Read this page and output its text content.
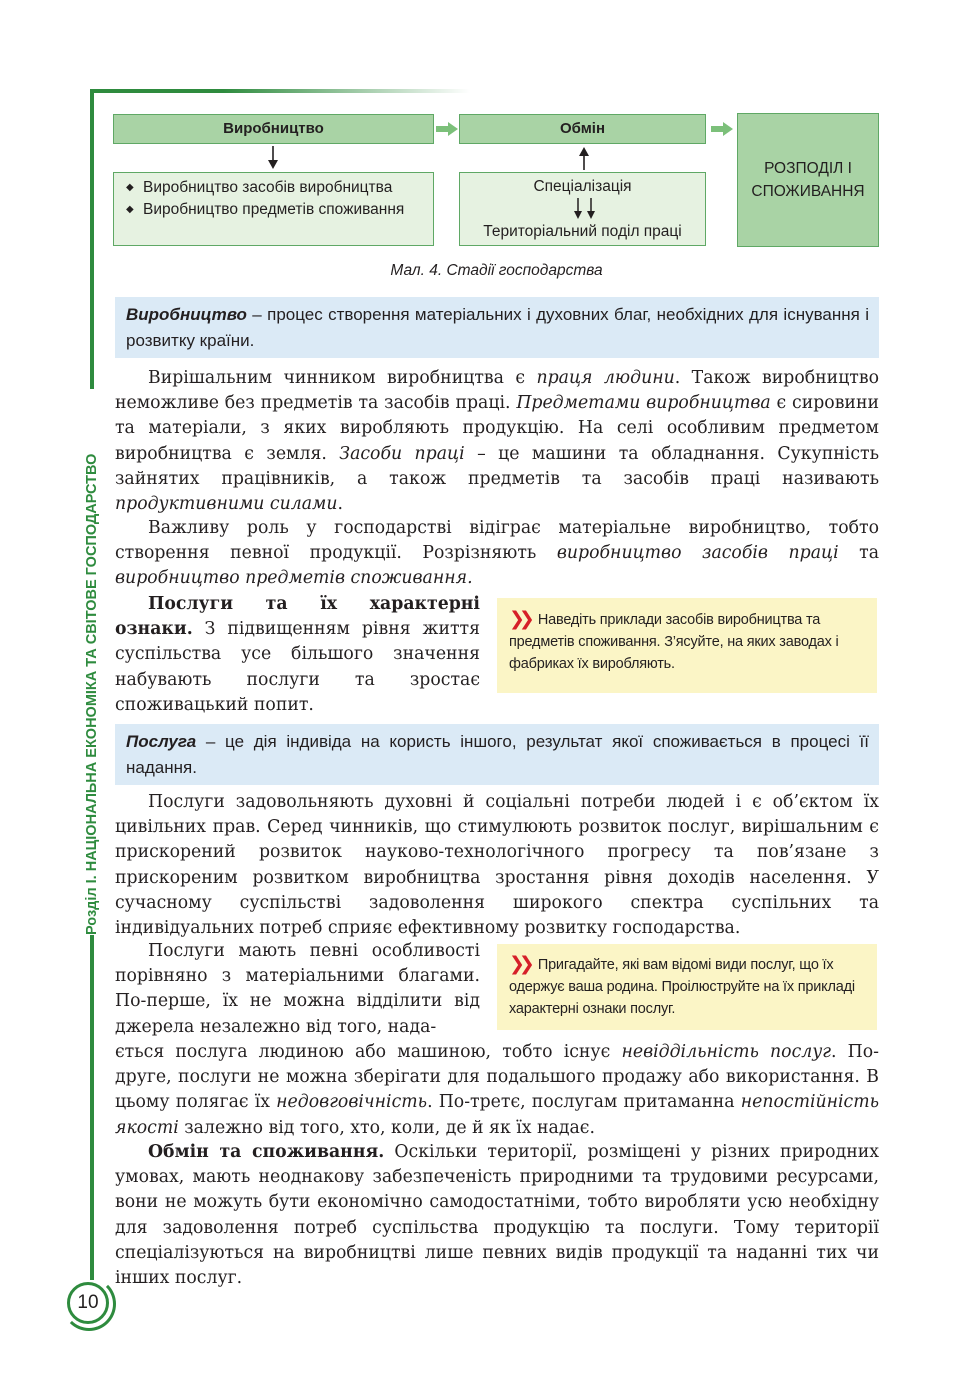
Розділ I. НАЦІОНАЛЬНА ЕКОНОМІКА ТА СВІТОВЕ ГОСПОДАРСТВО
10
Виробництво	Обмін
РОЗПОДІЛ І СПОЖИВАННЯ
◆ Виробництво засобів виробництва
◆ Виробництво предметів споживання
Спеціалізація
Територіальний поділ праці
Мал. 4. Стадії господарства
Виробництво – процес створення матеріальних і духовних благ, необхідних для існування і розвитку країни.
Вирішальним чинником виробництва є праця людини. Також виробництво неможливе без предметів та засобів праці. Предметами виробництва є сировини та матеріали, з яких виробляють продукцію. На селі особливим предметом виробництва є земля. Засоби праці – це машини та обладнання. Сукупність зайнятих працівників, а також предметів та засобів праці називають продуктивними силами.
Важливу роль у господарстві відіграє матеріальне виробництво, тобто створення певної продукції. Розрізняють виробництво засобів праці та виробництво предметів споживання.
Послуги та їх характерні ознаки. З підвищенням рівня життя суспільства усе більшого значення набувають послуги та зростає споживацький попит.
❯❯ Наведіть приклади засобів виробництва та предметів споживання. З’ясуйте, на яких заводах і фабриках їх виробляють.
Послуга – це дія індивіда на користь іншого, результат якої споживається в процесі її надання.
Послуги задовольняють духовні й соціальні потреби людей і є об’єктом їх цивільних прав. Серед чинників, що стимулюють розвиток послуг, вирішальним є прискорений розвиток науково-технологічного прогресу та пов’язане з прискореним розвитком виробництва зростання рівня доходів населення. У сучасному суспільстві задоволення широкого спектра суспільних та індивідуальних потреб сприяє ефективному розвитку господарства.
Послуги мають певні особливості порівняно з матеріальними благами. По-перше, їх не можна відділити від джерела незалежно від того, нада-
❯❯ Пригадайте, які вам відомі види послуг, що їх одержує ваша родина. Проілюструйте на їх прикладі характерні ознаки послуг.
ється послуга людиною або машиною, тобто існує невіддільність послуг. По-друге, послуги не можна зберігати для подальшого продажу або використання. В цьому полягає їх недовговічність. По-третє, послугам притаманна непостійність якості залежно від того, хто, коли, де й як їх надає.
Обмін та споживання. Оскільки території, розміщені у різних природних умовах, мають неоднакову забезпеченість природними та трудовими ресурсами, вони не можуть бути економічно самодостатніми, тобто виробляти усю необхідну для задоволення потреб суспільства продукцію та послуги. Тому території спеціалізуються на виробництві лише певних видів продукції та наданні тих чи інших послуг.
